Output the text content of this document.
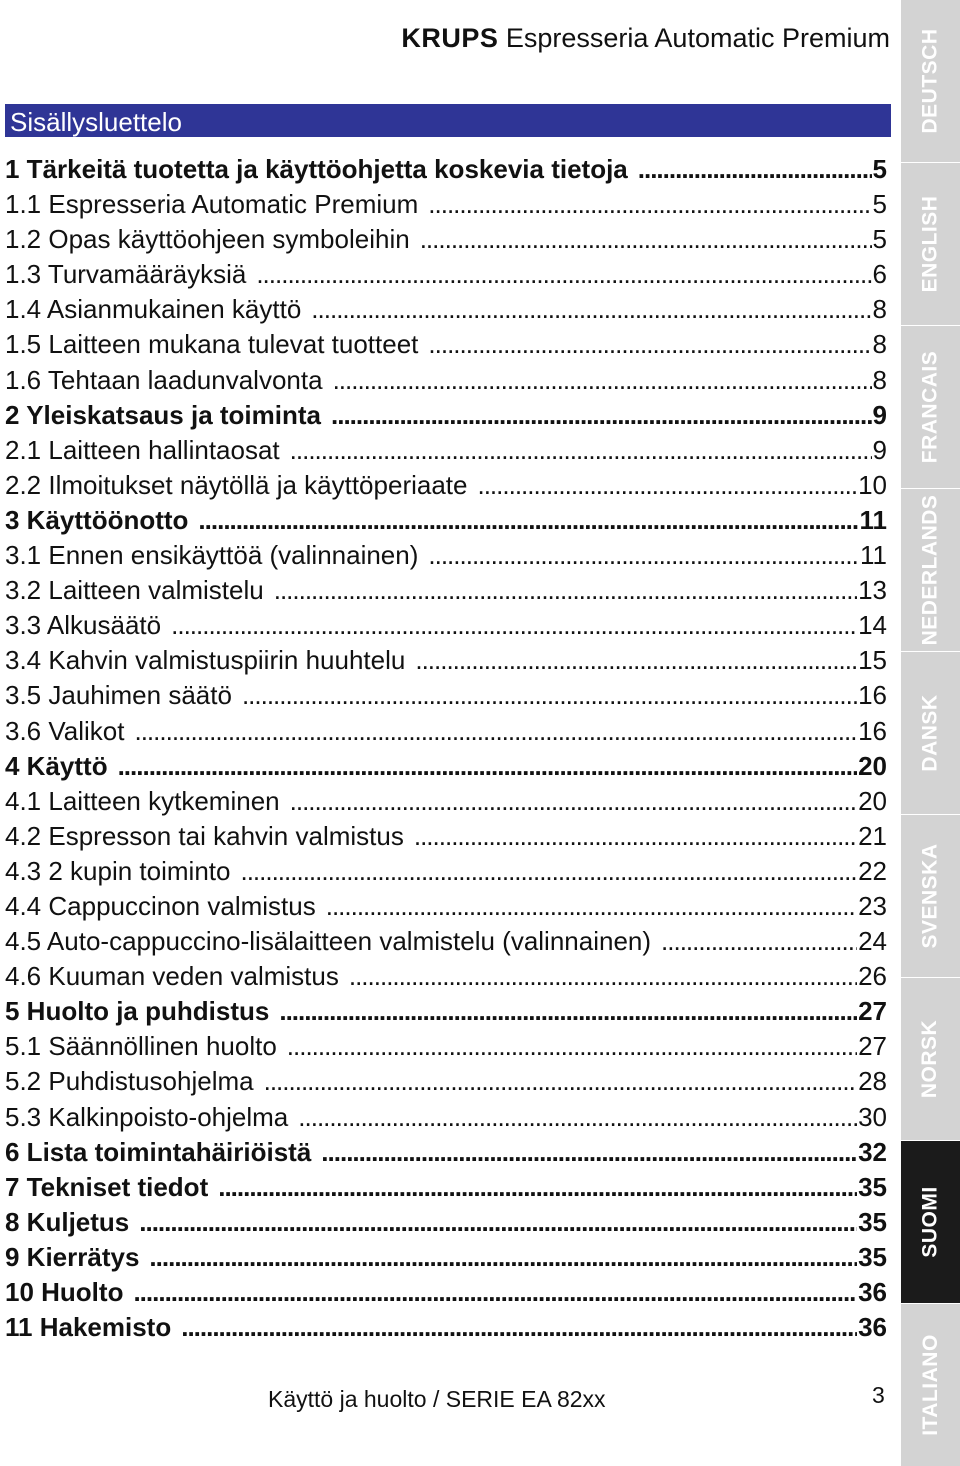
KRUPS Espresseria Automatic Premium
Sisällysluettelo
1 Tärkeitä tuotetta ja käyttöohjetta koskevia tietoja .....	5
1.1 Espresseria Automatic Premium .....	5
1.2 Opas käyttöohjeen symboleihin .....	5
1.3 Turvamääräyksiä .....	6
1.4 Asianmukainen käyttö .....	8
1.5 Laitteen mukana tulevat tuotteet .....	8
1.6 Tehtaan laadunvalvonta .....	8
2 Yleiskatsaus ja toiminta .....	9
2.1 Laitteen hallintaosat .....	9
2.2 Ilmoitukset näytöllä ja käyttöperiaate .....	10
3 Käyttöönotto .....	11
3.1 Ennen ensikäyttöä (valinnainen) .....	11
3.2 Laitteen valmistelu .....	13
3.3 Alkusäätö .....	14
3.4 Kahvin valmistuspiirin huuhtelu .....	15
3.5 Jauhimen säätö .....	16
3.6 Valikot .....	16
4 Käyttö .....	20
4.1 Laitteen kytkeminen .....	20
4.2 Espresson tai kahvin valmistus .....	21
4.3 2 kupin toiminto .....	22
4.4 Cappuccinon valmistus .....	23
4.5 Auto-cappuccino-lisälaitteen valmistelu (valinnainen) .....	24
4.6 Kuuman veden valmistus .....	26
5 Huolto ja puhdistus .....	27
5.1 Säännöllinen huolto .....	27
5.2 Puhdistusohjelma .....	28
5.3 Kalkinpoisto-ohjelma .....	30
6 Lista toimintahäiriöistä .....	32
7 Tekniset tiedot .....	35
8 Kuljetus .....	35
9 Kierrätys .....	35
10 Huolto .....	36
11 Hakemisto .....	36
Käyttö ja huolto / SERIE EA 82xx	3
DEUTSCH
ENGLISH
FRANCAIS
NEDERLANDS
DANSK
SVENSKA
NORSK
SUOMI
ITALIANO
